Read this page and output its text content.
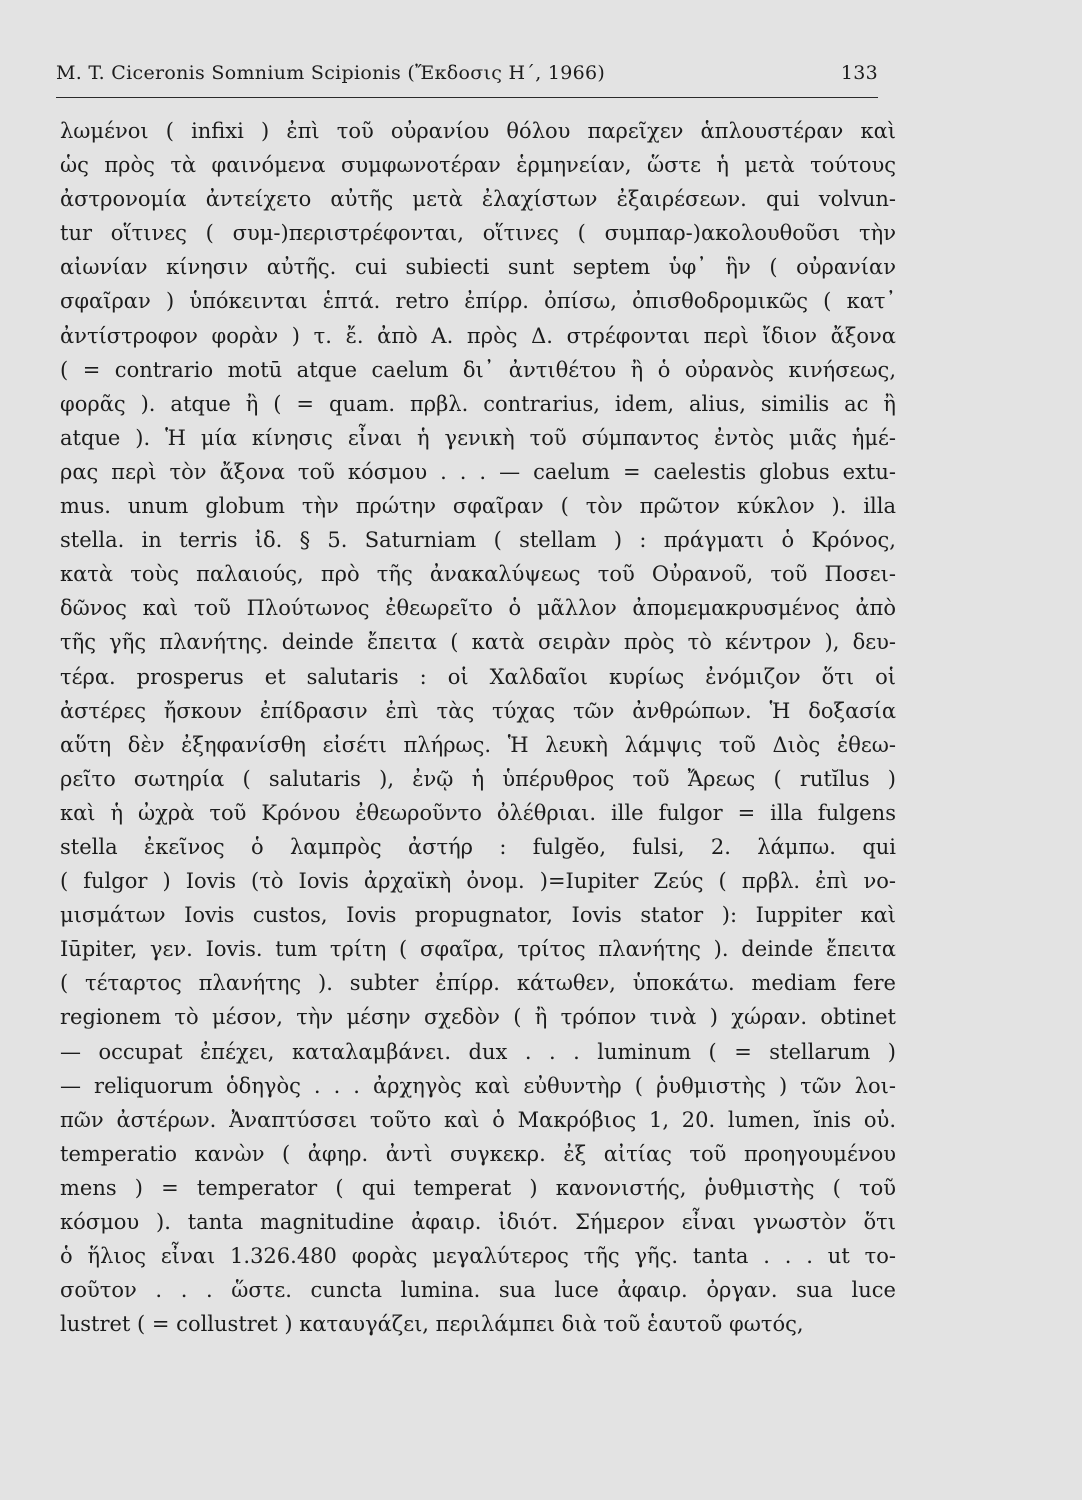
M. T. Ciceronis Somnium Scipionis (Ἔκδοσις Η΄, 1966)	133
λωμένοι ( infixi ) ἐπὶ τοῦ οὐρανίου θόλου παρεῖχεν ἁπλουστέραν καὶ
ὡς πρὸς τὰ φαινόμενα συμφωνοτέραν ἑρμηνείαν, ὥστε ἡ μετὰ τούτους
ἀστρονομία ἀντείχετο αὐτῆς μετὰ ἐλαχίστων ἐξαιρέσεων. qui volvun-
tur οἵτινες ( συμ-)περιστρέφονται, οἵτινες ( συμπαρ-)ακολουθοῦσι τὴν
αἰωνίαν κίνησιν αὐτῆς. cui subiecti sunt septem ὑφ᾽ ἣν ( οὐρανίαν
σφαῖραν ) ὑπόκεινται ἑπτά. retro ἐπίρρ. ὀπίσω, ὀπισθοδρομικῶς ( κατ᾽
ἀντίστροφον φορὰν ) τ. ἔ. ἀπὸ Α. πρὸς Δ. στρέφονται περὶ ἴδιον ἄξονα
( = contrario motū atque caelum δι᾽ ἀντιθέτου ἢ ὁ οὐρανὸς κινήσεως,
φορᾶς ). atque ἢ ( = quam. πρβλ. contrarius, idem, alius, similis ac ἢ
atque ). Ἡ μία κίνησις εἶναι ἡ γενικὴ τοῦ σύμπαντος ἐντὸς μιᾶς ἡμέ-
ρας περὶ τὸν ἄξονα τοῦ κόσμου . . . — caelum = caelestis globus extu-
mus. unum globum τὴν πρώτην σφαῖραν ( τὸν πρῶτον κύκλον ). illa
stella. in terris ἰδ. § 5. Saturniam ( stellam ) : πράγματι ὁ Κρόνος,
κατὰ τοὺς παλαιούς, πρὸ τῆς ἀνακαλύψεως τοῦ Οὐρανοῦ, τοῦ Ποσει-
δῶνος καὶ τοῦ Πλούτωνος ἐθεωρεῖτο ὁ μᾶλλον ἀπομεμακρυσμένος ἀπὸ
τῆς γῆς πλανήτης. deinde ἔπειτα ( κατὰ σειρὰν πρὸς τὸ κέντρον ), δευ-
τέρα. prosperus et salutaris : οἱ Χαλδαῖοι κυρίως ἐνόμιζον ὅτι οἱ
ἀστέρες ἤσκουν ἐπίδρασιν ἐπὶ τὰς τύχας τῶν ἀνθρώπων. Ἡ δοξασία
αὕτη δὲν ἐξηφανίσθη εἰσέτι πλήρως. Ἡ λευκὴ λάμψις τοῦ Διὸς ἐθεω-
ρεῖτο σωτηρία ( salutaris ), ἐνῷ ἡ ὑπέρυθρος τοῦ Ἄρεως ( rutĭlus )
καὶ ἡ ὠχρὰ τοῦ Κρόνου ἐθεωροῦντο ὀλέθριαι. ille fulgor = illa fulgens
stella ἐκεῖνος ὁ λαμπρὸς ἀστήρ : fulgĕo, fulsi, 2. λάμπω. qui
( fulgor ) Iovis (τὸ Iovis ἀρχαϊκὴ ὀνομ. )=Iupiter Ζεύς ( πρβλ. ἐπὶ νο-
μισμάτων Iovis custos, Iovis propugnator, Iovis stator ): Iuppiter καὶ
Iūpiter, γεν. Iovis. tum τρίτη ( σφαῖρα, τρίτος πλανήτης ). deinde ἔπειτα
( τέταρτος πλανήτης ). subter ἐπίρρ. κάτωθεν, ὑποκάτω. mediam fere
regionem τὸ μέσον, τὴν μέσην σχεδὸν ( ἢ τρόπον τινὰ ) χώραν. obtinet
— occupat ἐπέχει, καταλαμβάνει. dux . . . luminum ( = stellarum )
— reliquorum ὁδηγὸς . . . ἀρχηγὸς καὶ εὐθυντὴρ ( ῥυθμιστὴς ) τῶν λοι-
πῶν ἀστέρων. Ἀναπτύσσει τοῦτο καὶ ὁ Μακρόβιος 1, 20. lumen, ĭnis οὐ.
temperatio κανὼν ( ἀφηρ. ἀντὶ συγκεκρ. ἐξ αἰτίας τοῦ προηγουμένου
mens ) = temperator ( qui temperat ) κανονιστής, ῥυθμιστὴς ( τοῦ
κόσμου ). tanta magnitudine ἀφαιρ. ἰδιότ. Σήμερον εἶναι γνωστὸν ὅτι
ὁ ἥλιος εἶναι 1.326.480 φορὰς μεγαλύτερος τῆς γῆς. tanta . . . ut το-
σοῦτον . . . ὥστε. cuncta lumina. sua luce ἀφαιρ. ὀργαν. sua luce
lustret ( = collustret ) καταυγάζει, περιλάμπει διὰ τοῦ ἑαυτοῦ φωτός,
